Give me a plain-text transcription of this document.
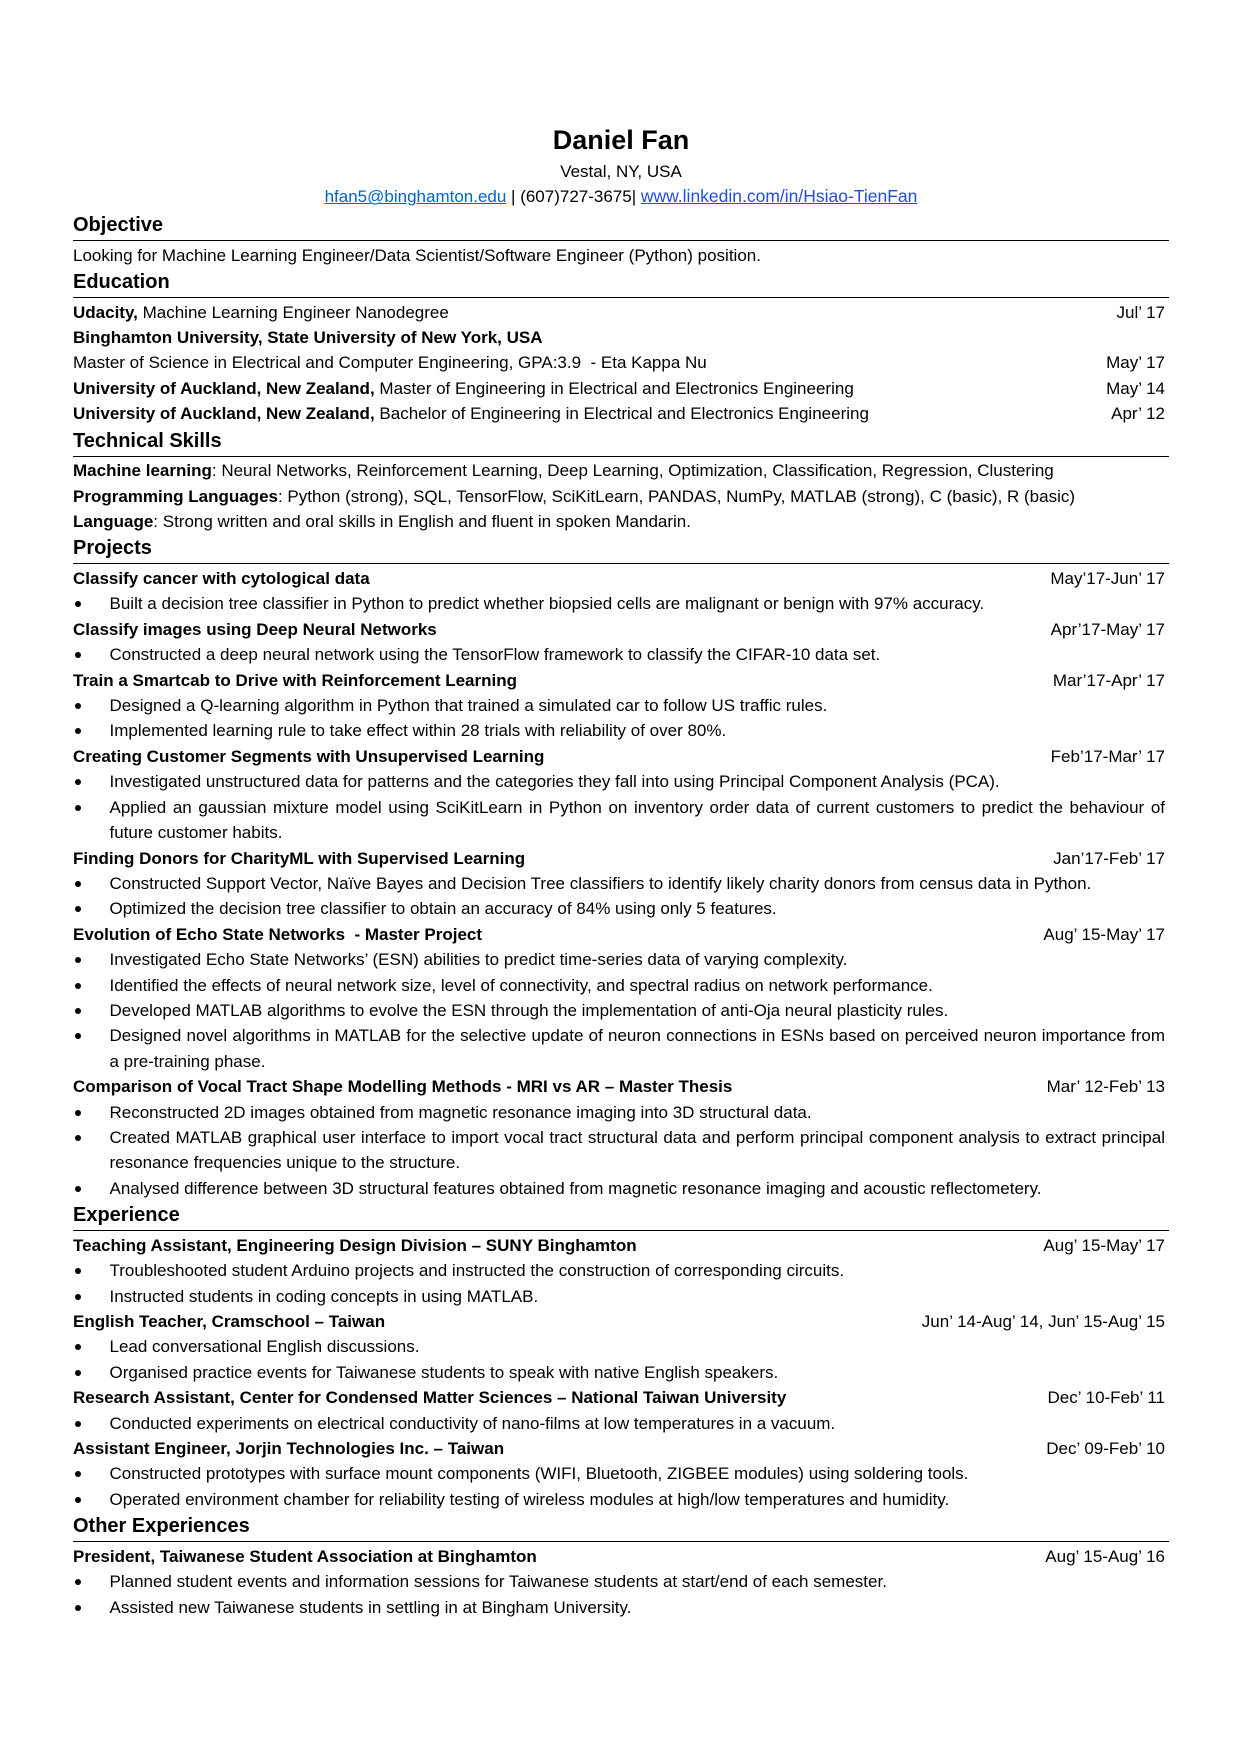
Daniel Fan
Vestal, NY, USA
hfan5@binghamton.edu | (607)727-3675| www.linkedin.com/in/Hsiao-TienFan
Objective
Looking for Machine Learning Engineer/Data Scientist/Software Engineer (Python) position.
Education
Udacity, Machine Learning Engineer Nanodegree	Jul’ 17
Binghamton University, State University of New York, USA
Master of Science in Electrical and Computer Engineering, GPA:3.9  - Eta Kappa Nu	May’ 17
University of Auckland, New Zealand, Master of Engineering in Electrical and Electronics Engineering	May’ 14
University of Auckland, New Zealand, Bachelor of Engineering in Electrical and Electronics Engineering	Apr’ 12
Technical Skills
Machine learning: Neural Networks, Reinforcement Learning, Deep Learning, Optimization, Classification, Regression, Clustering
Programming Languages: Python (strong), SQL, TensorFlow, SciKitLearn, PANDAS, NumPy, MATLAB (strong), C (basic), R (basic)
Language: Strong written and oral skills in English and fluent in spoken Mandarin.
Projects
Classify cancer with cytological data	May’17-Jun’ 17
Built a decision tree classifier in Python to predict whether biopsied cells are malignant or benign with 97% accuracy.
Classify images using Deep Neural Networks	Apr’17-May’ 17
Constructed a deep neural network using the TensorFlow framework to classify the CIFAR-10 data set.
Train a Smartcab to Drive with Reinforcement Learning	Mar’17-Apr’ 17
Designed a Q-learning algorithm in Python that trained a simulated car to follow US traffic rules.
Implemented learning rule to take effect within 28 trials with reliability of over 80%.
Creating Customer Segments with Unsupervised Learning	Feb’17-Mar’ 17
Investigated unstructured data for patterns and the categories they fall into using Principal Component Analysis (PCA).
Applied an gaussian mixture model using SciKitLearn in Python on inventory order data of current customers to predict the behaviour of future customer habits.
Finding Donors for CharityML with Supervised Learning	Jan’17-Feb’ 17
Constructed Support Vector, Naïve Bayes and Decision Tree classifiers to identify likely charity donors from census data in Python.
Optimized the decision tree classifier to obtain an accuracy of 84% using only 5 features.
Evolution of Echo State Networks  - Master Project	Aug’ 15-May’ 17
Investigated Echo State Networks’ (ESN) abilities to predict time-series data of varying complexity.
Identified the effects of neural network size, level of connectivity, and spectral radius on network performance.
Developed MATLAB algorithms to evolve the ESN through the implementation of anti-Oja neural plasticity rules.
Designed novel algorithms in MATLAB for the selective update of neuron connections in ESNs based on perceived neuron importance from a pre-training phase.
Comparison of Vocal Tract Shape Modelling Methods - MRI vs AR – Master Thesis	Mar’ 12-Feb’ 13
Reconstructed 2D images obtained from magnetic resonance imaging into 3D structural data.
Created MATLAB graphical user interface to import vocal tract structural data and perform principal component analysis to extract principal resonance frequencies unique to the structure.
Analysed difference between 3D structural features obtained from magnetic resonance imaging and acoustic reflectometery.
Experience
Teaching Assistant, Engineering Design Division – SUNY Binghamton	Aug’ 15-May’ 17
Troubleshooted student Arduino projects and instructed the construction of corresponding circuits.
Instructed students in coding concepts in using MATLAB.
English Teacher, Cramschool – Taiwan	Jun’ 14-Aug’ 14, Jun’ 15-Aug’ 15
Lead conversational English discussions.
Organised practice events for Taiwanese students to speak with native English speakers.
Research Assistant, Center for Condensed Matter Sciences – National Taiwan University	Dec’ 10-Feb’ 11
Conducted experiments on electrical conductivity of nano-films at low temperatures in a vacuum.
Assistant Engineer, Jorjin Technologies Inc. – Taiwan	Dec’ 09-Feb’ 10
Constructed prototypes with surface mount components (WIFI, Bluetooth, ZIGBEE modules) using soldering tools.
Operated environment chamber for reliability testing of wireless modules at high/low temperatures and humidity.
Other Experiences
President, Taiwanese Student Association at Binghamton	Aug’ 15-Aug’ 16
Planned student events and information sessions for Taiwanese students at start/end of each semester.
Assisted new Taiwanese students in settling in at Bingham University.
